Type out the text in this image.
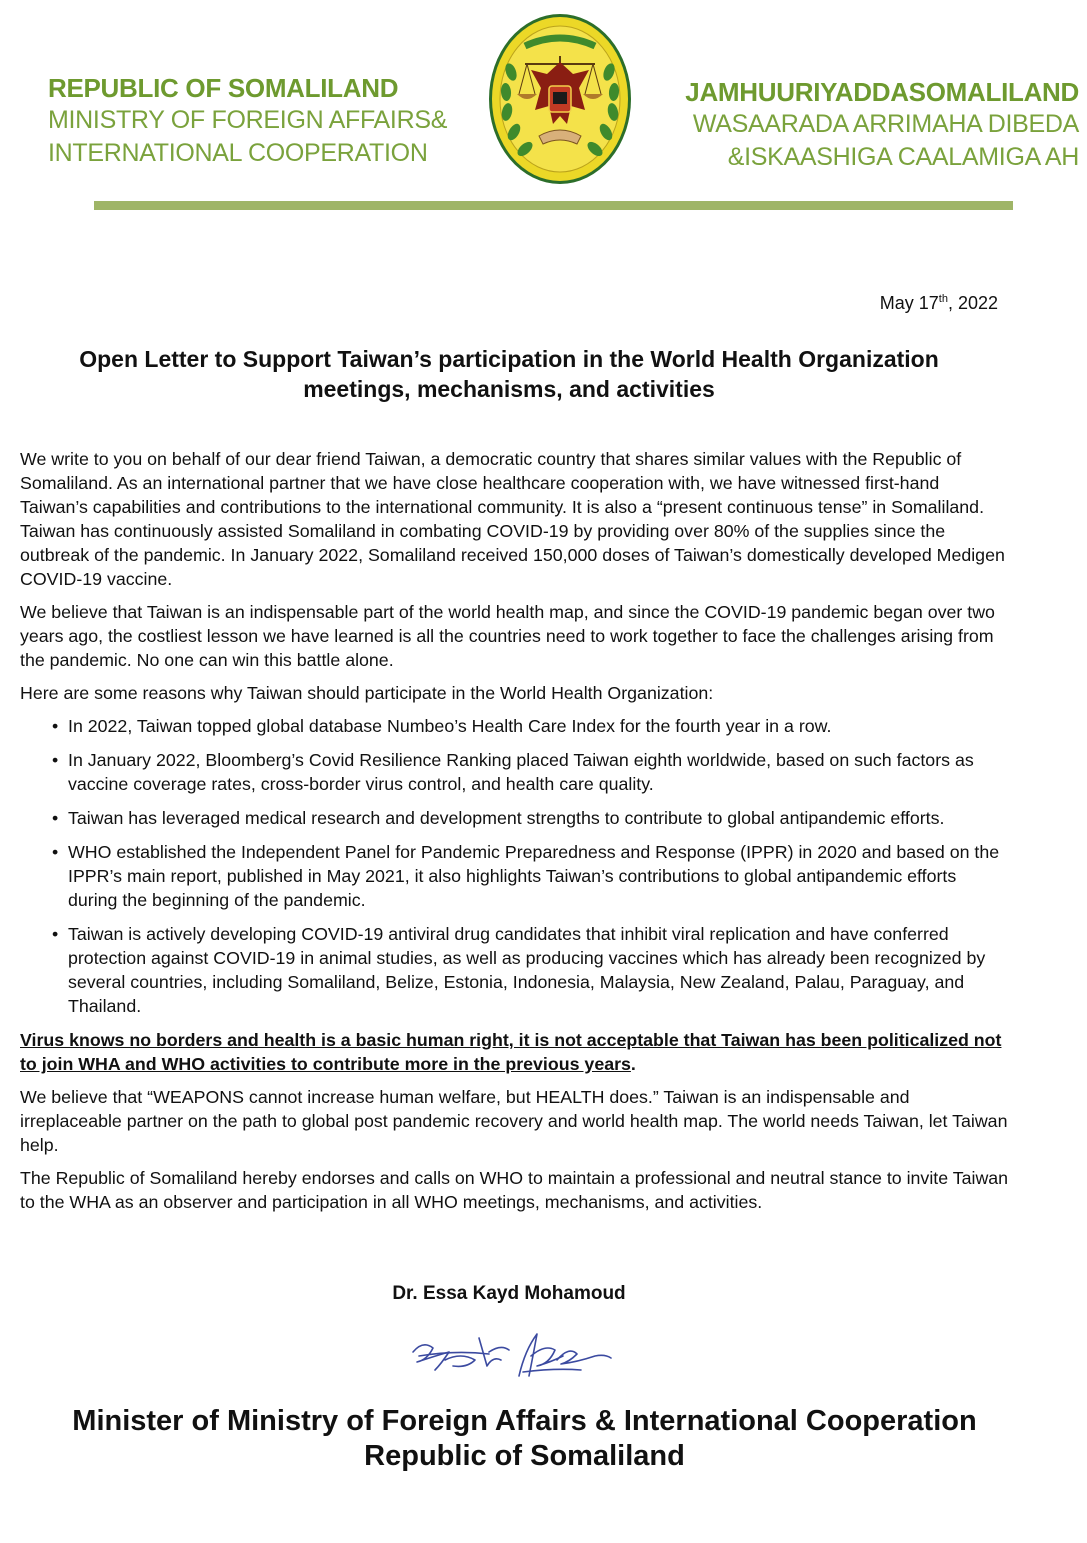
REPUBLIC OF SOMALILAND
MINISTRY OF FOREIGN AFFAIRS&
INTERNATIONAL COOPERATION
JAMHUURIYADDASOMALILAND
WASAARADA ARRIMAHA DIBEDA
&ISKAASHIGA CAALAMIGA AH
May 17th, 2022
Open Letter to Support Taiwan’s participation in the World Health Organization
meetings, mechanisms, and activities

We write to you on behalf of our dear friend Taiwan, a democratic country that shares similar values with the Republic of Somaliland. As an international partner that we have close healthcare cooperation with, we have witnessed first-hand Taiwan’s capabilities and contributions to the international community. It is also a “present continuous tense” in Somaliland. Taiwan has continuously assisted Somaliland in combating COVID-19 by providing over 80% of the supplies since the outbreak of the pandemic. In January 2022, Somaliland received 150,000 doses of Taiwan’s domestically developed Medigen COVID-19 vaccine.

We believe that Taiwan is an indispensable part of the world health map, and since the COVID-19 pandemic began over two years ago, the costliest lesson we have learned is all the countries need to work together to face the challenges arising from the pandemic. No one can win this battle alone.

Here are some reasons why Taiwan should participate in the World Health Organization:

• In 2022, Taiwan topped global database Numbeo’s Health Care Index for the fourth year in a row.
• In January 2022, Bloomberg’s Covid Resilience Ranking placed Taiwan eighth worldwide, based on such factors as vaccine coverage rates, cross-border virus control, and health care quality.
• Taiwan has leveraged medical research and development strengths to contribute to global antipandemic efforts.
• WHO established the Independent Panel for Pandemic Preparedness and Response (IPPR) in 2020 and based on the IPPR’s main report, published in May 2021, it also highlights Taiwan’s contributions to global antipandemic efforts during the beginning of the pandemic.
• Taiwan is actively developing COVID-19 antiviral drug candidates that inhibit viral replication and have conferred protection against COVID-19 in animal studies, as well as producing vaccines which has already been recognized by several countries, including Somaliland, Belize, Estonia, Indonesia, Malaysia, New Zealand, Palau, Paraguay, and Thailand.

Virus knows no borders and health is a basic human right, it is not acceptable that Taiwan has been politicalized not to join WHA and WHO activities to contribute more in the previous years.

We believe that “WEAPONS cannot increase human welfare, but HEALTH does.” Taiwan is an indispensable and irreplaceable partner on the path to global post pandemic recovery and world health map. The world needs Taiwan, let Taiwan help.

The Republic of Somaliland hereby endorses and calls on WHO to maintain a professional and neutral stance to invite Taiwan to the WHA as an observer and participation in all WHO meetings, mechanisms, and activities.

Dr. Essa Kayd Mohamoud
Minister of Ministry of Foreign Affairs & International Cooperation
Republic of Somaliland
